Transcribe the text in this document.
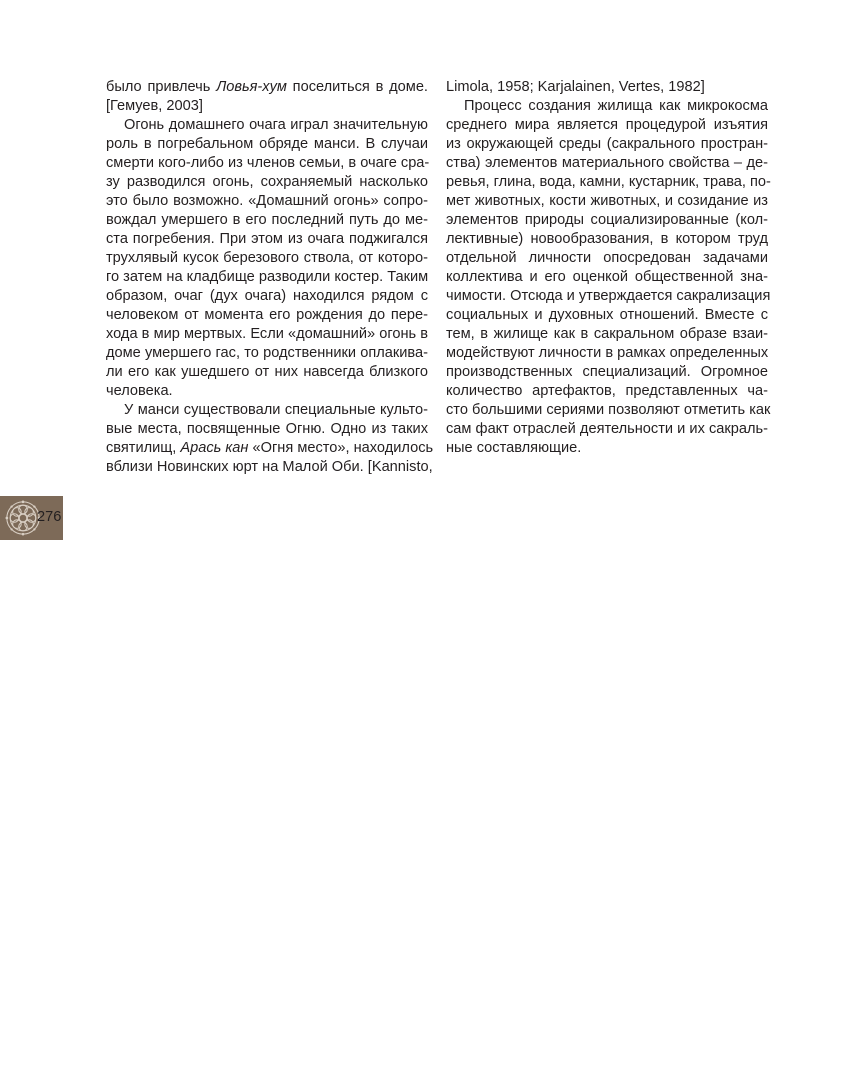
было привлечь Ловья-хум поселиться в доме.
[Гемуев, 2003]
Огонь домашнего очага играл значительную
роль в погребальном обряде манси. В случаи
смерти кого-либо из членов семьи, в очаге сра-
зу разводился огонь, сохраняемый насколько
это было возможно. «Домашний огонь» сопро-
вождал умершего в его последний путь до ме-
ста погребения. При этом из очага поджигался
трухлявый кусок березового ствола, от которо-
го затем на кладбище разводили костер. Таким
образом, очаг (дух очага) находился рядом с
человеком от момента его рождения до пере-
хода в мир мертвых. Если «домашний» огонь в
доме умершего гас, то родственники оплакива-
ли его как ушедшего от них навсегда близкого
человека.
У манси существовали специальные культо-
вые места, посвященные Огню. Одно из таких
святилищ, Арась кан «Огня место», находилось
вблизи Новинских юрт на Малой Оби. [Kannisto,
Limola, 1958; Karjalainen, Vertes, 1982]
Процесс создания жилища как микрокосма
среднего мира является процедурой изъятия
из окружающей среды (сакрального простран-
ства) элементов материального свойства – де-
ревья, глина, вода, камни, кустарник, трава, по-
мет животных, кости животных, и созидание из
элементов природы социализированные (кол-
лективные) новообразования, в котором труд
отдельной личности опосредован задачами
коллектива и его оценкой общественной зна-
чимости. Отсюда и утверждается сакрализация
социальных и духовных отношений. Вместе с
тем, в жилище как в сакральном образе взаи-
модействуют личности в рамках определенных
производственных специализаций. Огромное
количество артефактов, представленных ча-
сто большими сериями позволяют отметить как
сам факт отраслей деятельности и их сакраль-
ные составляющие.
276
